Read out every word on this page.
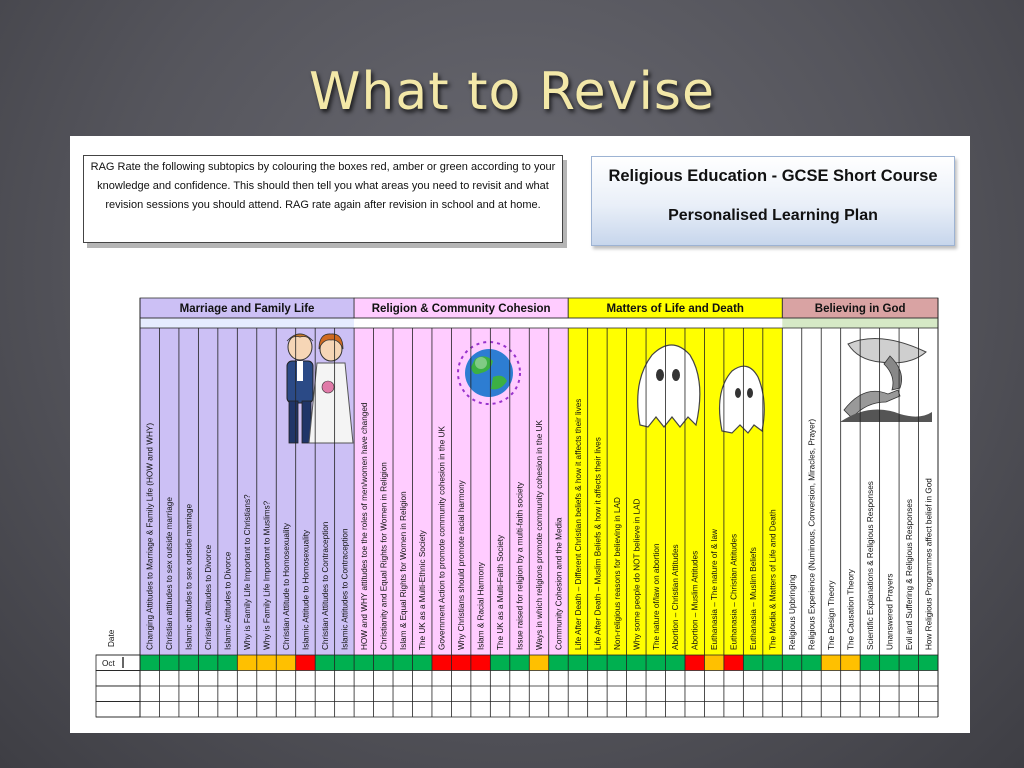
What to Revise
RAG Rate the following subtopics by colouring the boxes red, amber or green according to your knowledge and confidence. This should then tell you what areas you need to revisit and what revision sessions you should attend. RAG rate again after revision in school and at home.
Religious Education - GCSE Short Course
Personalised Learning Plan
Marriage and Family Life
Changing Attitudes to Marriage & Family Life (HOW and WHY) Christian attitudes to sex outside marriage Islamic attitudes to sex outside marriage Christian Attitudes to Divorce Islamic Attitudes to Divorce Why is Family Life Important to Christians? Why is Family Life Important to Muslims? Christian Attitude to Homosexuality Islamic Attitude to Homosexuality Christian Attitudes to Contraception Islamic Attitudes to Contraception
Religion & Community Cohesion
HOW and WHY attitudes toe the roles of men/women have changed Christianity and Equal Rights for Women in Religion Islam & Equal Rights for Women in Religion The UK as a Multi-Ethnic Society Government Action to promote community cohesion in the UK Why Christians should promote racial harmony Islam & Racial Harmony The UK as a Multi-Faith Society Issue raised for religion by a multi-faith society Ways in which religions promote community cohesion in the UK Community Cohesion and the Media
Matters of Life and Death
Life After Death – Different Christian beliefs & how it affects their lives Life After Death – Muslim Beliefs & how it affects their lives Non-religious reasons for believing in LAD Why some people do NOT believe in LAD The nature of/law on abortion Abortion – Christian Attitudes Abortion – Muslim Attitudes Euthanasia – The nature of & law Euthanasia – Christian Attitudes Euthanasia – Muslim Beliefs The Media & Matters of Life and Death
Believing in God
Religious Upbringing Religious Experience (Numinous, Conversion, Miracles, Prayer) The Design Theory The Causation Theory Scientific Explanations & Religious Responses Unanswered Prayers Evil and Suffering & Religious Responses How Religious Programmes affect belief in God
Date
Oct
